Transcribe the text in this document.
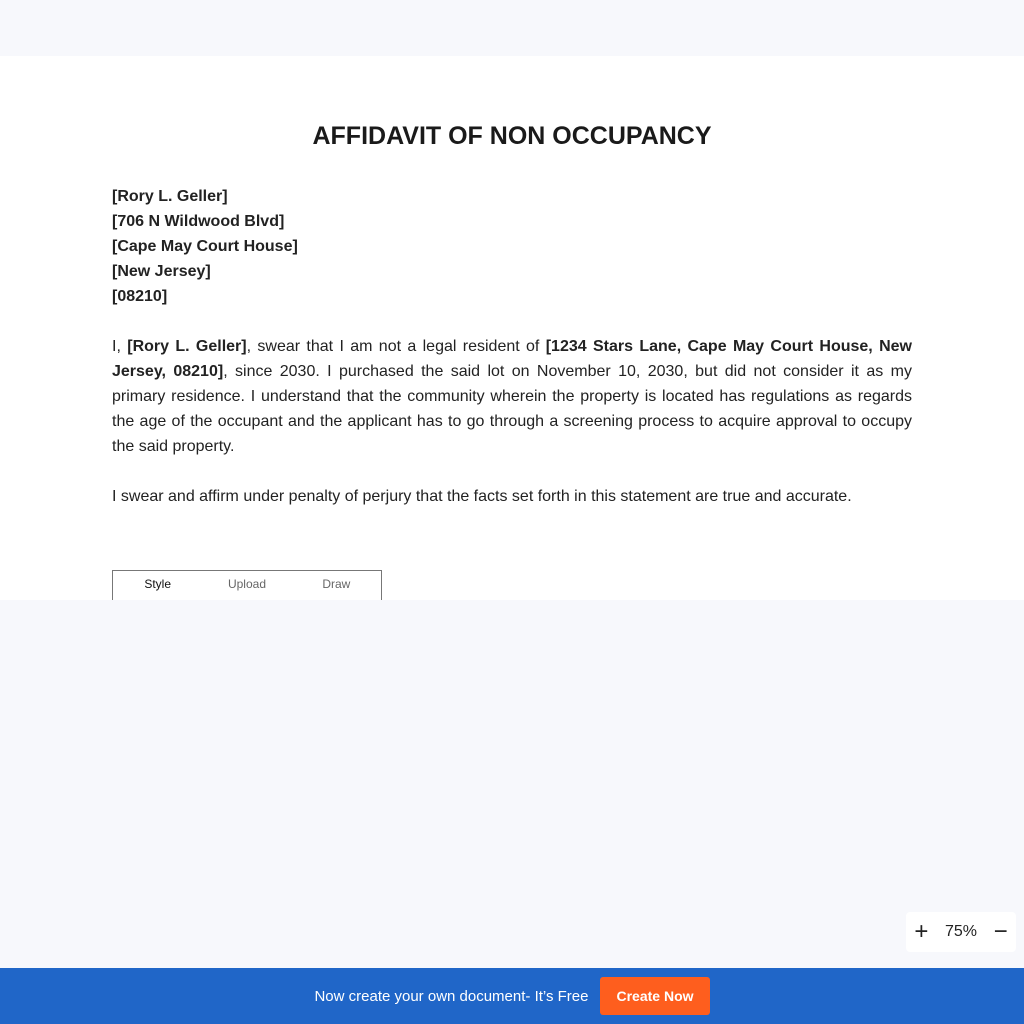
AFFIDAVIT OF NON OCCUPANCY
[Rory L. Geller]
[706 N Wildwood Blvd]
[Cape May Court House]
[New Jersey]
[08210]

I, [Rory L. Geller], swear that I am not a legal resident of [1234 Stars Lane, Cape May Court House, New Jersey, 08210], since 2030. I purchased the said lot on November 10, 2030, but did not consider it as my primary residence. I understand that the community wherein the property is located has regulations as regards the age of the occupant and the applicant has to go through a screening process to acquire approval to occupy the said property.

I swear and affirm under penalty of perjury that the facts set forth in this statement are true and accurate.

Style	Upload	Draw
+ 75% −
Now create your own document- It’s Free	Create Now
